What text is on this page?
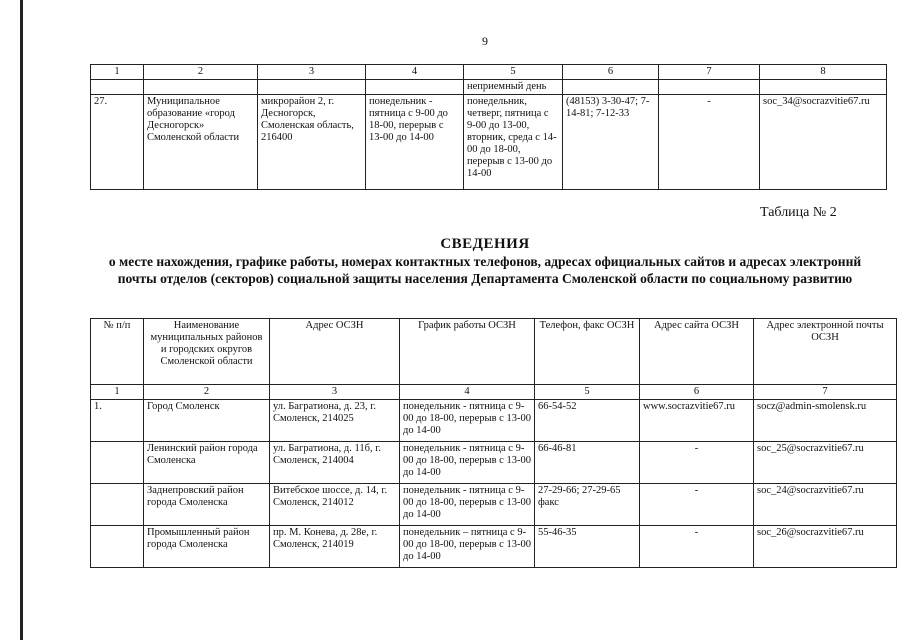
9
1	2	3	4	5	6	7	8
				неприемный день			
27.	Муниципальное образование «город Десногорск» Смоленской области	микрорайон 2, г. Десногорск, Смоленская область, 216400	понедельник - пятница с 9-00 до 18-00, перерыв с 13-00 до 14-00	понедельник, четверг, пятница с 9-00 до 13-00, вторник, среда с 14-00 до 18-00, перерыв с 13-00 до 14-00	(48153) 3-30-47; 7-14-81; 7-12-33	-	soc_34@socrazvitie67.ru
Таблица № 2
СВЕДЕНИЯ
о месте нахождения, графике работы, номерах контактных телефонов, адресах официальных сайтов и адресах электроннй почты отделов (секторов) социальной защиты населения Департамента Смоленской области по социальному развитию
№ п/п	Наименование муниципальных районов и городских округов Смоленской области	Адрес ОСЗН	График работы ОСЗН	Телефон, факс ОСЗН	Адрес сайта ОСЗН	Адрес электронной почты ОСЗН
1	2	3	4	5	6	7
1.	Город Смоленск	ул. Багратиона, д. 23, г. Смоленск, 214025	понедельник - пятница с 9-00 до 18-00, перерыв с 13-00 до 14-00	66-54-52	www.socrazvitie67.ru	socz@admin-smolensk.ru
	Ленинский район города Смоленска	ул. Багратиона, д. 11б, г. Смоленск, 214004	понедельник - пятница с 9-00 до 18-00, перерыв с 13-00 до 14-00	66-46-81	-	soc_25@socrazvitie67.ru
	Заднепровский район города Смоленска	Витебское шоссе, д. 14, г. Смоленск, 214012	понедельник - пятница с 9-00 до 18-00, перерыв с 13-00 до 14-00	27-29-66; 27-29-65 факс	-	soc_24@socrazvitie67.ru
	Промышленный район города Смоленска	пр. М. Конева, д. 28е, г. Смоленск, 214019	понедельник – пятница с 9-00 до 18-00, перерыв с 13-00 до 14-00	55-46-35	-	soc_26@socrazvitie67.ru
